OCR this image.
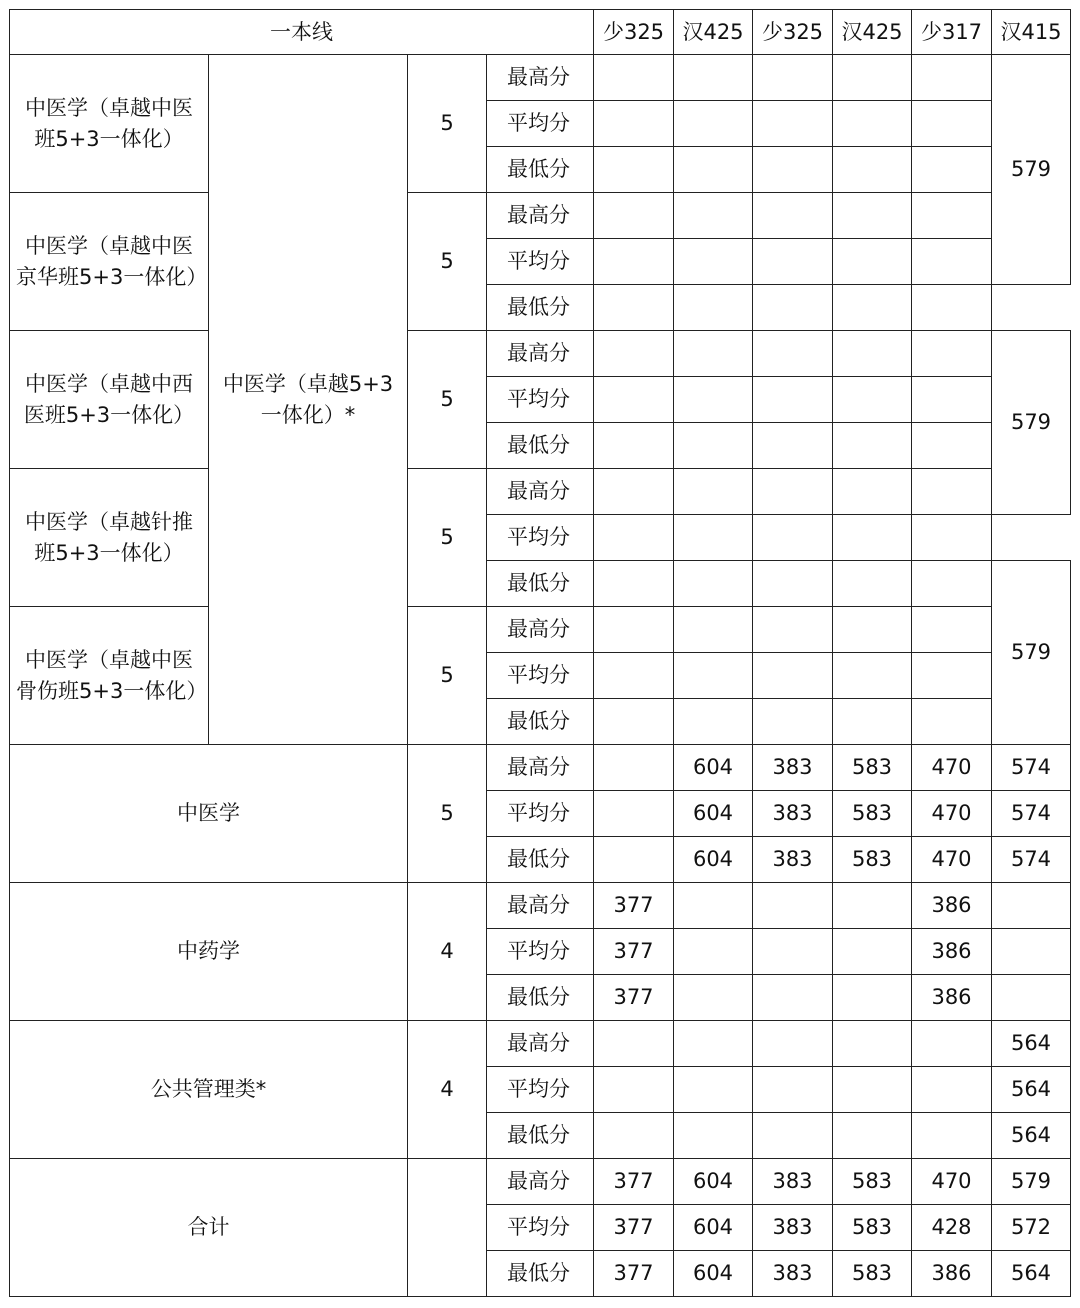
一本线				少325	汉425	少325	汉425	少317	汉415
中医学（卓越中医班5+3一体化）	中医学（卓越5+3一体化）*	5	最高分						579
			平均分						
			最低分						
中医学（卓越中医京华班5+3一体化）		5	最高分						
			平均分						
			最低分						
中医学（卓越中西医班5+3一体化）		5	最高分						579
			平均分						
			最低分						
中医学（卓越针推班5+3一体化）		5	最高分						
			平均分						
			最低分						579
中医学（卓越中医骨伤班5+3一体化）		5	最高分						
			平均分						
			最低分						
中医学		5	最高分		604	383	583	470	574
			平均分		604	383	583	470	574
			最低分		604	383	583	470	574
中药学		4	最高分	377				386	
			平均分	377				386	
			最低分	377				386	
公共管理类*		4	最高分						564
			平均分						564
			最低分						564
合计			最高分	377	604	383	583	470	579
			平均分	377	604	383	583	428	572
			最低分	377	604	383	583	386	564
